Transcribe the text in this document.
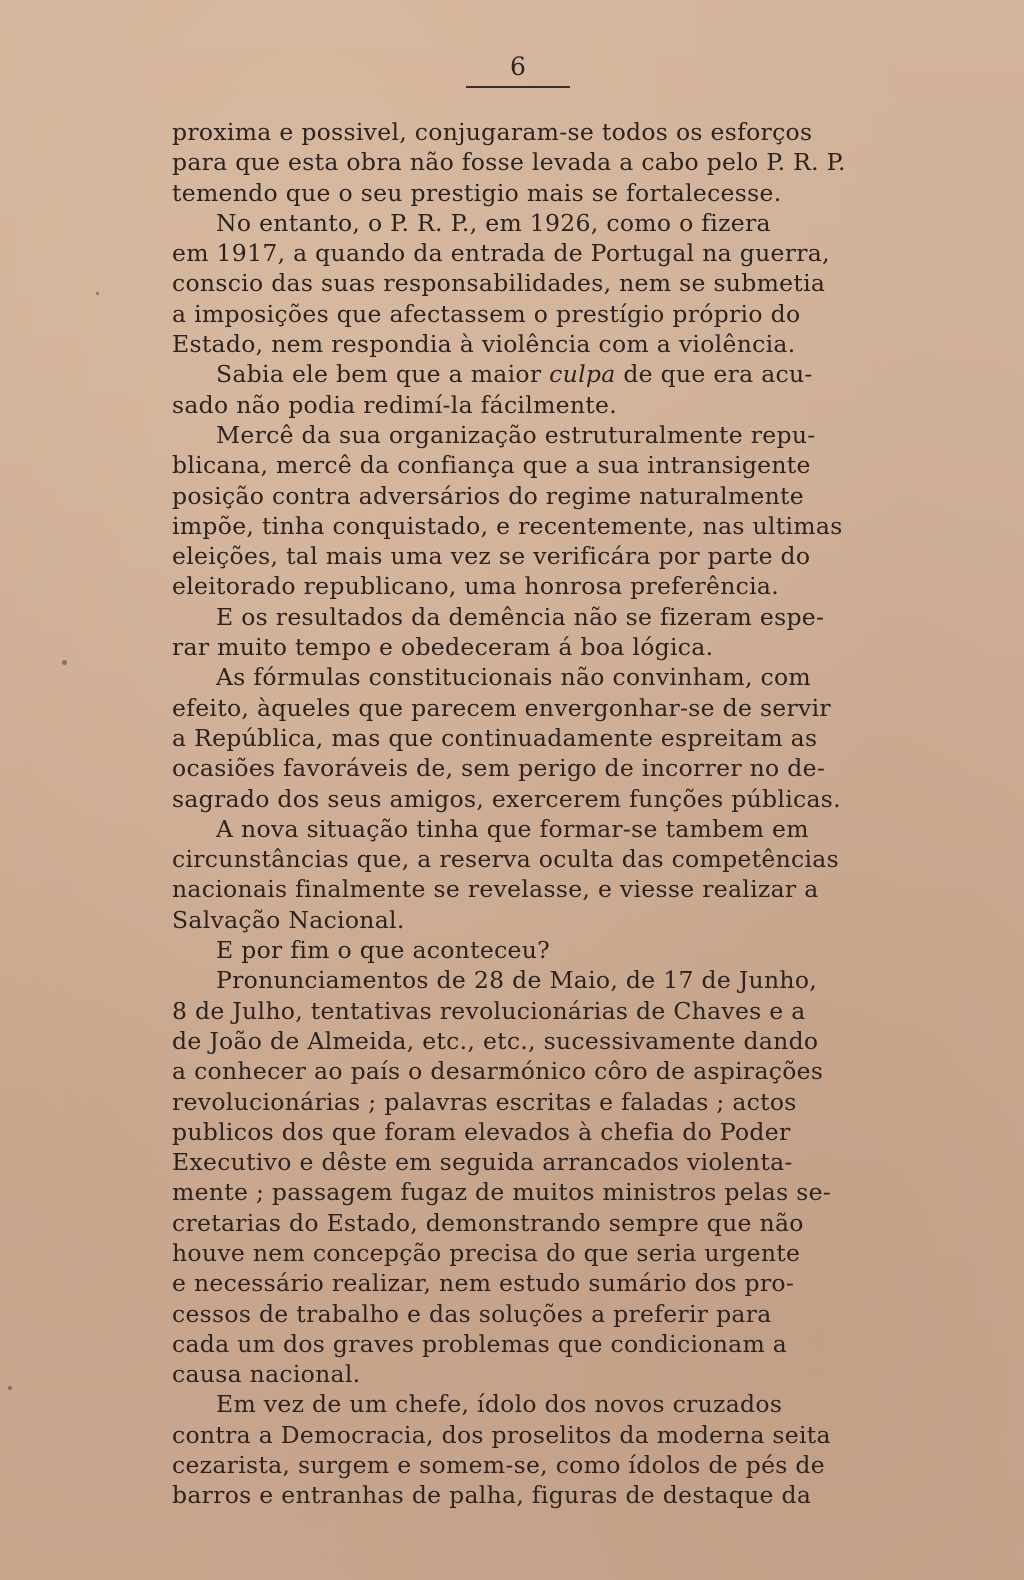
6
proxima e possivel, conjugaram-se todos os esforços
para que esta obra não fosse levada a cabo pelo P. R. P.
temendo que o seu prestigio mais se fortalecesse.
No entanto, o P. R. P., em 1926, como o fizera
em 1917, a quando da entrada de Portugal na guerra,
conscio das suas responsabilidades, nem se submetia
a imposições que afectassem o prestígio próprio do
Estado, nem respondia à violência com a violência.
Sabia ele bem que a maior culpa de que era acu-
sado não podia redimí-la fácilmente.
Mercê da sua organização estruturalmente repu-
blicana, mercê da confiança que a sua intransigente
posição contra adversários do regime naturalmente
impõe, tinha conquistado, e recentemente, nas ultimas
eleições, tal mais uma vez se verificára por parte do
eleitorado republicano, uma honrosa preferência.
E os resultados da demência não se fizeram espe-
rar muito tempo e obedeceram á boa lógica.
As fórmulas constitucionais não convinham, com
efeito, àqueles que parecem envergonhar-se de servir
a República, mas que continuadamente espreitam as
ocasiões favoráveis de, sem perigo de incorrer no de-
sagrado dos seus amigos, exercerem funções públicas.
A nova situação tinha que formar-se tambem em
circunstâncias que, a reserva oculta das competências
nacionais finalmente se revelasse, e viesse realizar a
Salvação Nacional.
E por fim o que aconteceu?
Pronunciamentos de 28 de Maio, de 17 de Junho,
8 de Julho, tentativas revolucionárias de Chaves e a
de João de Almeida, etc., etc., sucessivamente dando
a conhecer ao país o desarmónico côro de aspirações
revolucionárias ; palavras escritas e faladas ; actos
publicos dos que foram elevados à chefia do Poder
Executivo e dêste em seguida arrancados violenta-
mente ; passagem fugaz de muitos ministros pelas se-
cretarias do Estado, demonstrando sempre que não
houve nem concepção precisa do que seria urgente
e necessário realizar, nem estudo sumário dos pro-
cessos de trabalho e das soluções a preferir para
cada um dos graves problemas que condicionam a
causa nacional.
Em vez de um chefe, ídolo dos novos cruzados
contra a Democracia, dos proselitos da moderna seita
cezarista, surgem e somem-se, como ídolos de pés de
barros e entranhas de palha, figuras de destaque da
